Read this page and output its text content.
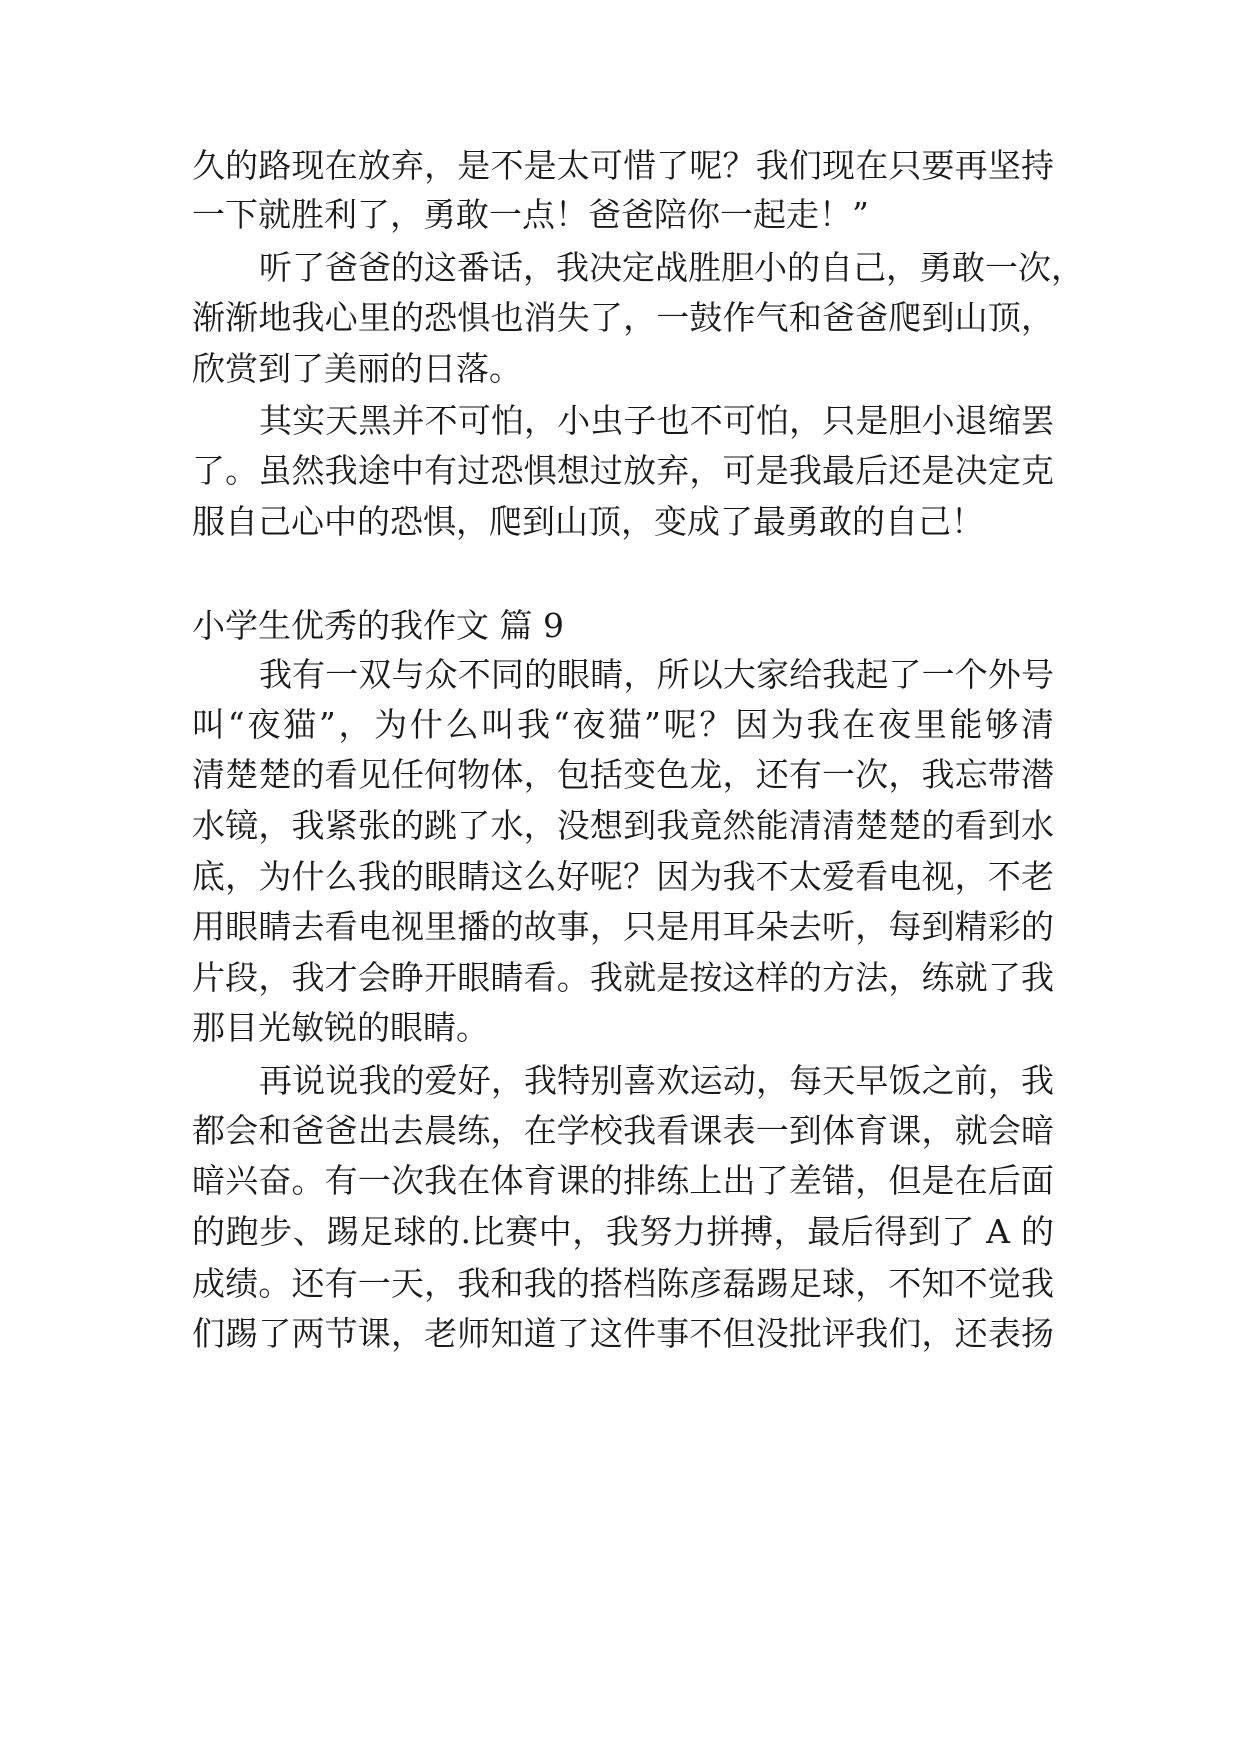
久的路现在放弃，是不是太可惜了呢？我们现在只要再坚持
一下就胜利了，勇敢一点！爸爸陪你一起走！”
听了爸爸的这番话，我决定战胜胆小的自己，勇敢一次，
渐渐地我心里的恐惧也消失了，一鼓作气和爸爸爬到山顶，
欣赏到了美丽的日落。
其实天黑并不可怕，小虫子也不可怕，只是胆小退缩罢
了。虽然我途中有过恐惧想过放弃，可是我最后还是决定克
服自己心中的恐惧，爬到山顶，变成了最勇敢的自己！
小学生优秀的我作文 篇 9
我有一双与众不同的眼睛，所以大家给我起了一个外号
叫“夜猫”，为什么叫我“夜猫”呢？因为我在夜里能够清
清楚楚的看见任何物体，包括变色龙，还有一次，我忘带潜
水镜，我紧张的跳了水，没想到我竟然能清清楚楚的看到水
底，为什么我的眼睛这么好呢？因为我不太爱看电视，不老
用眼睛去看电视里播的故事，只是用耳朵去听，每到精彩的
片段，我才会睁开眼睛看。我就是按这样的方法，练就了我
那目光敏锐的眼睛。
再说说我的爱好，我特别喜欢运动，每天早饭之前，我
都会和爸爸出去晨练，在学校我看课表一到体育课，就会暗
暗兴奋。有一次我在体育课的排练上出了差错，但是在后面
的跑步、踢足球的.比赛中，我努力拼搏，最后得到了 A 的
成绩。还有一天，我和我的搭档陈彦磊踢足球，不知不觉我
们踢了两节课，老师知道了这件事不但没批评我们，还表扬
